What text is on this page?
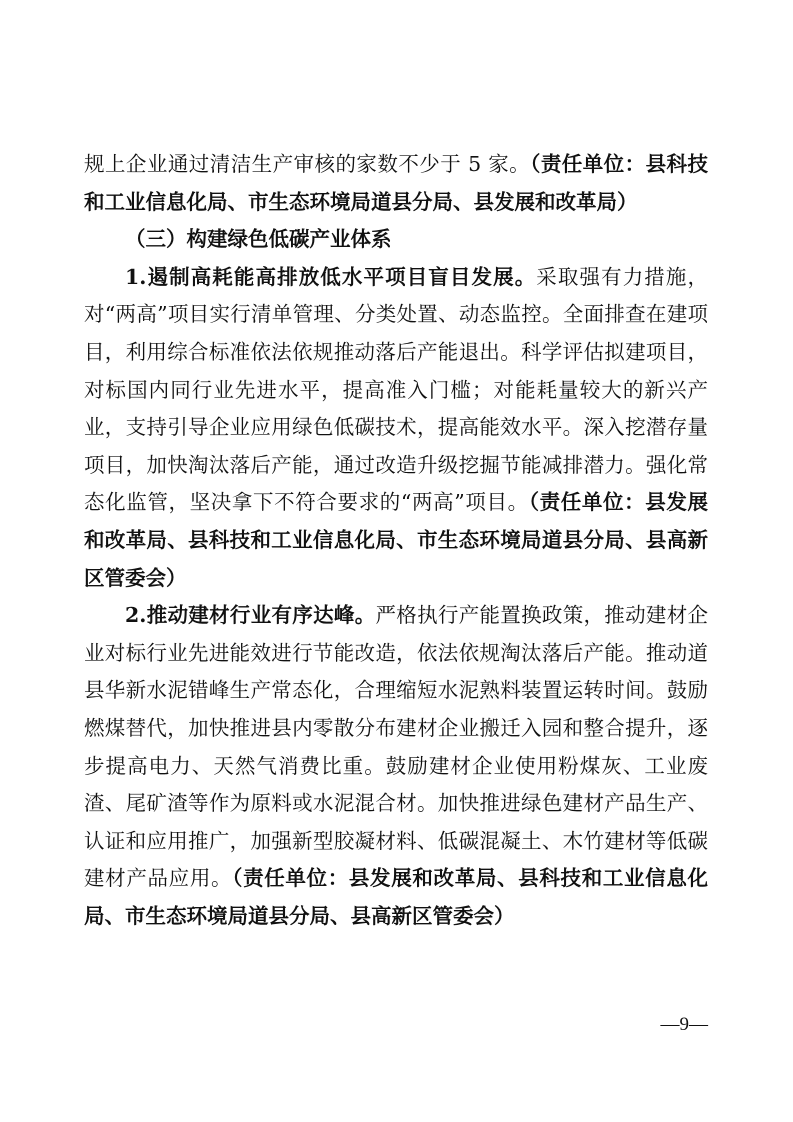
规上企业通过清洁生产审核的家数不少于 5 家。（责任单位：县科技和工业信息化局、市生态环境局道县分局、县发展和改革局）

（三）构建绿色低碳产业体系

1.遏制高耗能高排放低水平项目盲目发展。采取强有力措施，对“两高”项目实行清单管理、分类处置、动态监控。全面排查在建项目，利用综合标准依法依规推动落后产能退出。科学评估拟建项目，对标国内同行业先进水平，提高准入门槛；对能耗量较大的新兴产业，支持引导企业应用绿色低碳技术，提高能效水平。深入挖潜存量项目，加快淘汰落后产能，通过改造升级挖掘节能减排潜力。强化常态化监管，坚决拿下不符合要求的“两高”项目。（责任单位：县发展和改革局、县科技和工业信息化局、市生态环境局道县分局、县高新区管委会）

2.推动建材行业有序达峰。严格执行产能置换政策，推动建材企业对标行业先进能效进行节能改造，依法依规淘汰落后产能。推动道县华新水泥错峰生产常态化，合理缩短水泥熟料装置运转时间。鼓励燃煤替代，加快推进县内零散分布建材企业搬迁入园和整合提升，逐步提高电力、天然气消费比重。鼓励建材企业使用粉煤灰、工业废渣、尾矿渣等作为原料或水泥混合材。加快推进绿色建材产品生产、认证和应用推广，加强新型胶凝材料、低碳混凝土、木竹建材等低碳建材产品应用。（责任单位：县发展和改革局、县科技和工业信息化局、市生态环境局道县分局、县高新区管委会）

—9—
